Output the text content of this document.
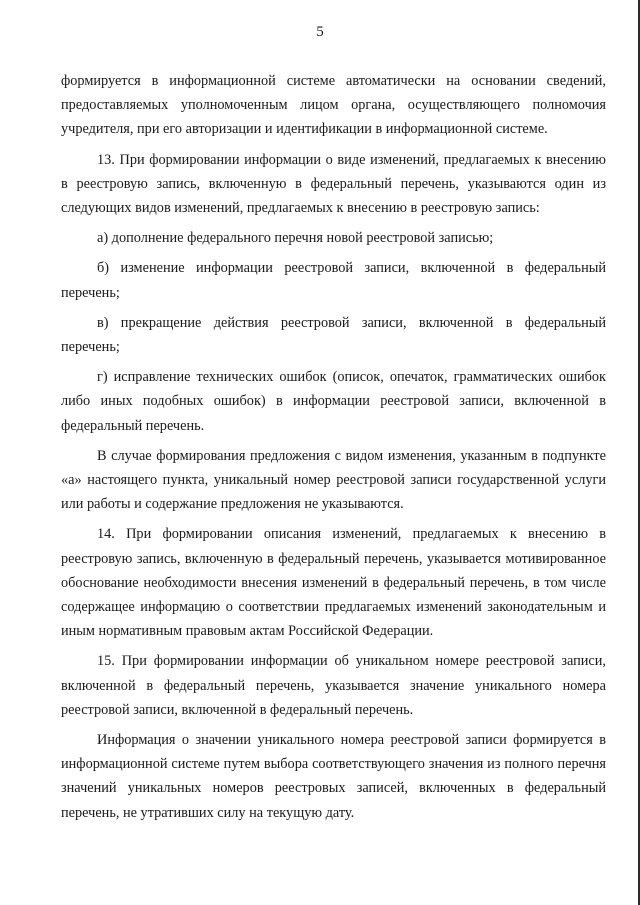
5

формируется в информационной системе автоматически на основании сведений, предоставляемых уполномоченным лицом органа, осуществляющего полномочия учредителя, при его авторизации и идентификации в информационной системе.

13. При формировании информации о виде изменений, предлагаемых к внесению в реестровую запись, включенную в федеральный перечень, указываются один из следующих видов изменений, предлагаемых к внесению в реестровую запись:

а) дополнение федерального перечня новой реестровой записью;

б) изменение информации реестровой записи, включенной в федеральный перечень;

в) прекращение действия реестровой записи, включенной в федеральный перечень;

г) исправление технических ошибок (описок, опечаток, грамматических ошибок либо иных подобных ошибок) в информации реестровой записи, включенной в федеральный перечень.

В случае формирования предложения с видом изменения, указанным в подпункте «а» настоящего пункта, уникальный номер реестровой записи государственной услуги или работы и содержание предложения не указываются.

14. При формировании описания изменений, предлагаемых к внесению в реестровую запись, включенную в федеральный перечень, указывается мотивированное обоснование необходимости внесения изменений в федеральный перечень, в том числе содержащее информацию о соответствии предлагаемых изменений законодательным и иным нормативным правовым актам Российской Федерации.

15. При формировании информации об уникальном номере реестровой записи, включенной в федеральный перечень, указывается значение уникального номера реестровой записи, включенной в федеральный перечень.

Информация о значении уникального номера реестровой записи формируется в информационной системе путем выбора соответствующего значения из полного перечня значений уникальных номеров реестровых записей, включенных в федеральный перечень, не утративших силу на текущую дату.
